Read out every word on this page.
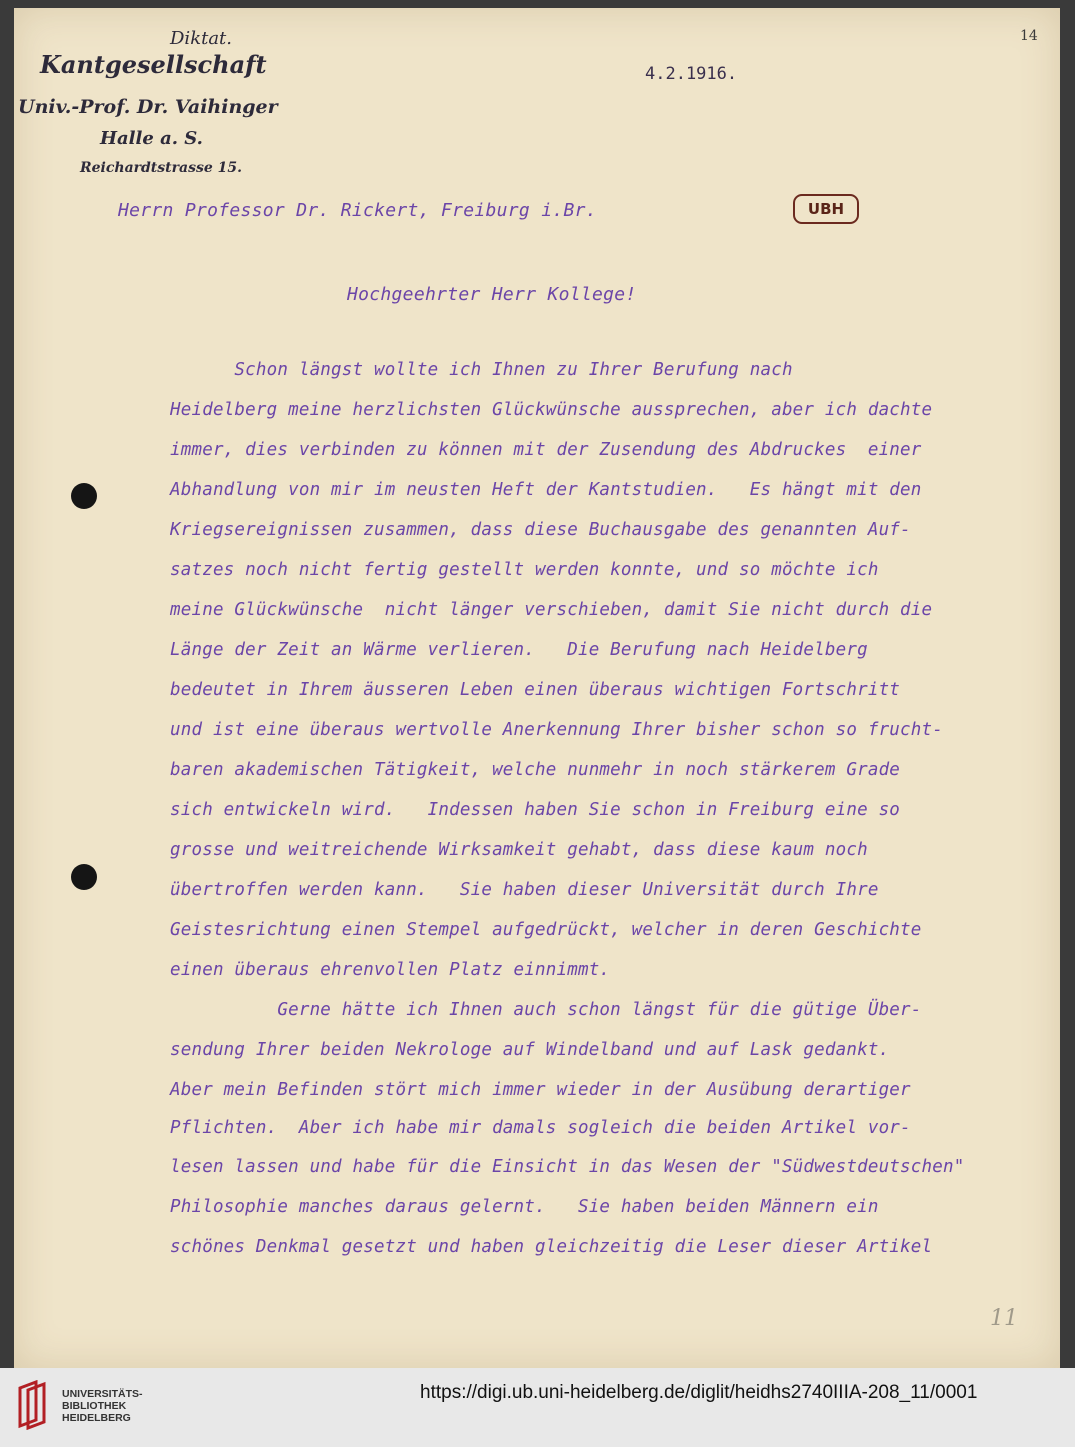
Diktat.
Kantgesellschaft
Univ.-Prof. Dr. Vaihinger
Halle a. S.
Reichardtstrasse 15.
14
4.2.1916.
UBH
Herrn Professor Dr. Rickert, Freiburg i.Br.
Hochgeehrter Herr Kollege!
Schon längst wollte ich Ihnen zu Ihrer Berufung nach
Heidelberg meine herzlichsten Glückwünsche aussprechen, aber ich dachte
immer, dies verbinden zu können mit der Zusendung des Abdruckes  einer
Abhandlung von mir im neusten Heft der Kantstudien.   Es hängt mit den
Kriegsereignissen zusammen, dass diese Buchausgabe des genannten Auf-
satzes noch nicht fertig gestellt werden konnte, und so möchte ich
meine Glückwünsche  nicht länger verschieben, damit Sie nicht durch die
Länge der Zeit an Wärme verlieren.   Die Berufung nach Heidelberg
bedeutet in Ihrem äusseren Leben einen überaus wichtigen Fortschritt
und ist eine überaus wertvolle Anerkennung Ihrer bisher schon so frucht-
baren akademischen Tätigkeit, welche nunmehr in noch stärkerem Grade
sich entwickeln wird.   Indessen haben Sie schon in Freiburg eine so
grosse und weitreichende Wirksamkeit gehabt, dass diese kaum noch
übertroffen werden kann.   Sie haben dieser Universität durch Ihre
Geistesrichtung einen Stempel aufgedrückt, welcher in deren Geschichte
einen überaus ehrenvollen Platz einnimmt.
Gerne hätte ich Ihnen auch schon längst für die gütige Über-
sendung Ihrer beiden Nekrologe auf Windelband und auf Lask gedankt.
Aber mein Befinden stört mich immer wieder in der Ausübung derartiger
Pflichten.  Aber ich habe mir damals sogleich die beiden Artikel vor-
lesen lassen und habe für die Einsicht in das Wesen der "Südwestdeutschen"
Philosophie manches daraus gelernt.   Sie haben beiden Männern ein
schönes Denkmal gesetzt und haben gleichzeitig die Leser dieser Artikel
11
UNIVERSITÄTS-
BIBLIOTHEK
HEIDELBERG
https://digi.ub.uni-heidelberg.de/diglit/heidhs2740IIIA-208_11/0001
